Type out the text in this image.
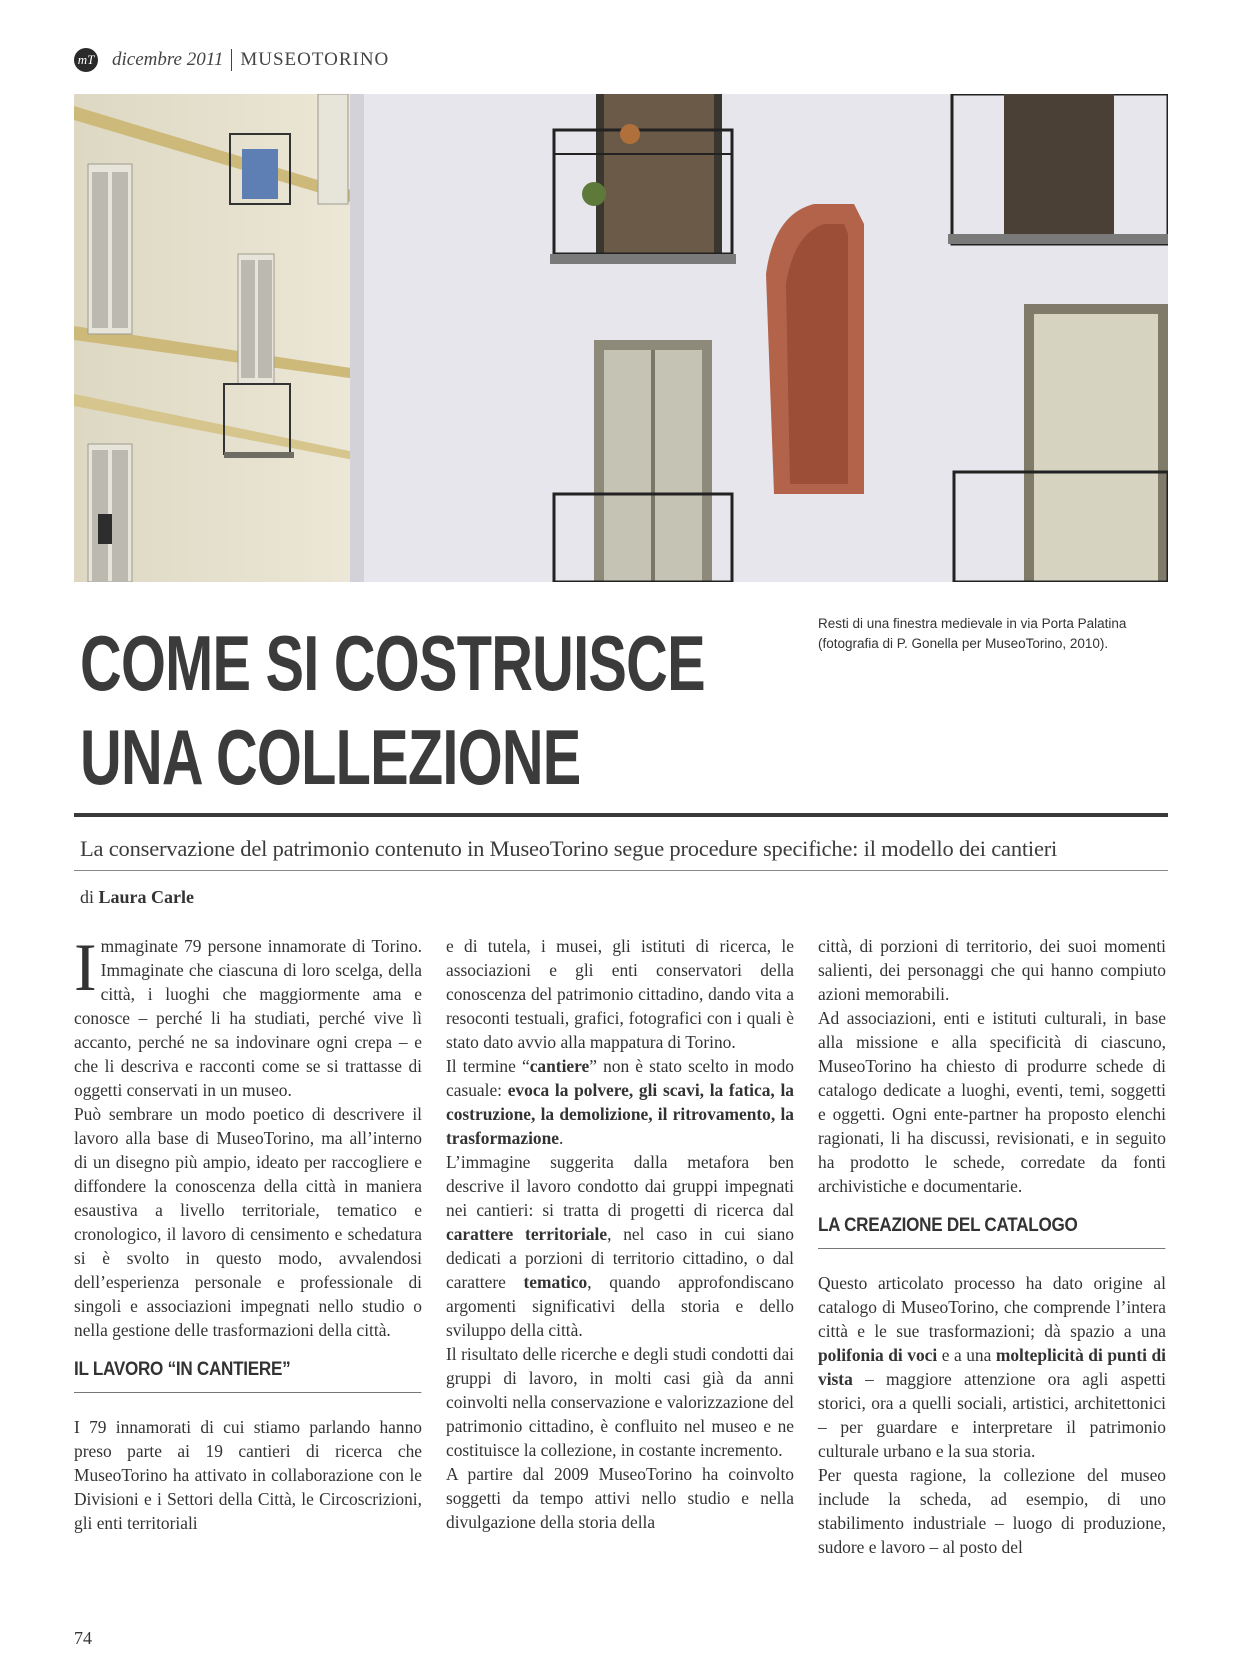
mT dicembre 2011 MUSEOTORINO

Resti di una finestra medievale in via Porta Palatina

(fotografia di P. Gonella per MuseoTorino, 2010).

COME SI COSTRUISCE
UNA COLLEZIONE
La conservazione del patrimonio contenuto in MuseoTorino segue procedure specifiche: il modello dei cantieri
di Laura Carle

Immaginate 79 persone innamorate di Torino. Immaginate che ciascuna di loro scelga, della città, i luoghi che maggiormente ama e conosce – perché li ha studiati, perché vive lì accanto, perché ne sa indovinare ogni crepa – e che li descriva e racconti come se si trattasse di oggetti conservati in un museo.

Può sembrare un modo poetico di descrivere il lavoro alla base di MuseoTorino, ma all’interno di un disegno più ampio, ideato per raccogliere e diffondere la conoscenza della città in maniera esaustiva a livello territoriale, tematico e cronologico, il lavoro di censimento e schedatura si è svolto in questo modo, avvalendosi dell’esperienza personale e professionale di singoli e associazioni impegnati nello studio o nella gestione delle trasformazioni della città.

IL LAVORO “IN CANTIERE”

I 79 innamorati di cui stiamo parlando hanno preso parte ai 19 cantieri di ricerca che MuseoTorino ha attivato in collaborazione con le Divisioni e i Settori della Città, le Circoscrizioni, gli enti territoriali

e di tutela, i musei, gli istituti di ricerca, le associazioni e gli enti conservatori della conoscenza del patrimonio cittadino, dando vita a resoconti testuali, grafici, fotografici con i quali è stato dato avvio alla mappatura di Torino.

Il termine “cantiere” non è stato scelto in modo casuale: evoca la polvere, gli scavi, la fatica, la costruzione, la demolizione, il ritrovamento, la trasformazione.

L’immagine suggerita dalla metafora ben descrive il lavoro condotto dai gruppi impegnati nei cantieri: si tratta di progetti di ricerca dal carattere territoriale, nel caso in cui siano dedicati a porzioni di territorio cittadino, o dal carattere tematico, quando approfondiscano argomenti significativi della storia e dello sviluppo della città.

Il risultato delle ricerche e degli studi condotti dai gruppi di lavoro, in molti casi già da anni coinvolti nella conservazione e valorizzazione del patrimonio cittadino, è confluito nel museo e ne costituisce la collezione, in costante incremento.

A partire dal 2009 MuseoTorino ha coinvolto soggetti da tempo attivi nello studio e nella divulgazione della storia della

città, di porzioni di territorio, dei suoi momenti salienti, dei personaggi che qui hanno compiuto azioni memorabili.

Ad associazioni, enti e istituti culturali, in base alla missione e alla specificità di ciascuno, MuseoTorino ha chiesto di produrre schede di catalogo dedicate a luoghi, eventi, temi, soggetti e oggetti. Ogni ente-partner ha proposto elenchi ragionati, li ha discussi, revisionati, e in seguito ha prodotto le schede, corredate da fonti archivistiche e documentarie.

LA CREAZIONE DEL CATALOGO

Questo articolato processo ha dato origine al catalogo di MuseoTorino, che comprende l’intera città e le sue trasformazioni; dà spazio a una polifonia di voci e a una molteplicità di punti di vista – maggiore attenzione ora agli aspetti storici, ora a quelli sociali, artistici, architettonici – per guardare e interpretare il patrimonio culturale urbano e la sua storia.

Per questa ragione, la collezione del museo include la scheda, ad esempio, di uno stabilimento industriale – luogo di produzione, sudore e lavoro – al posto del

74
